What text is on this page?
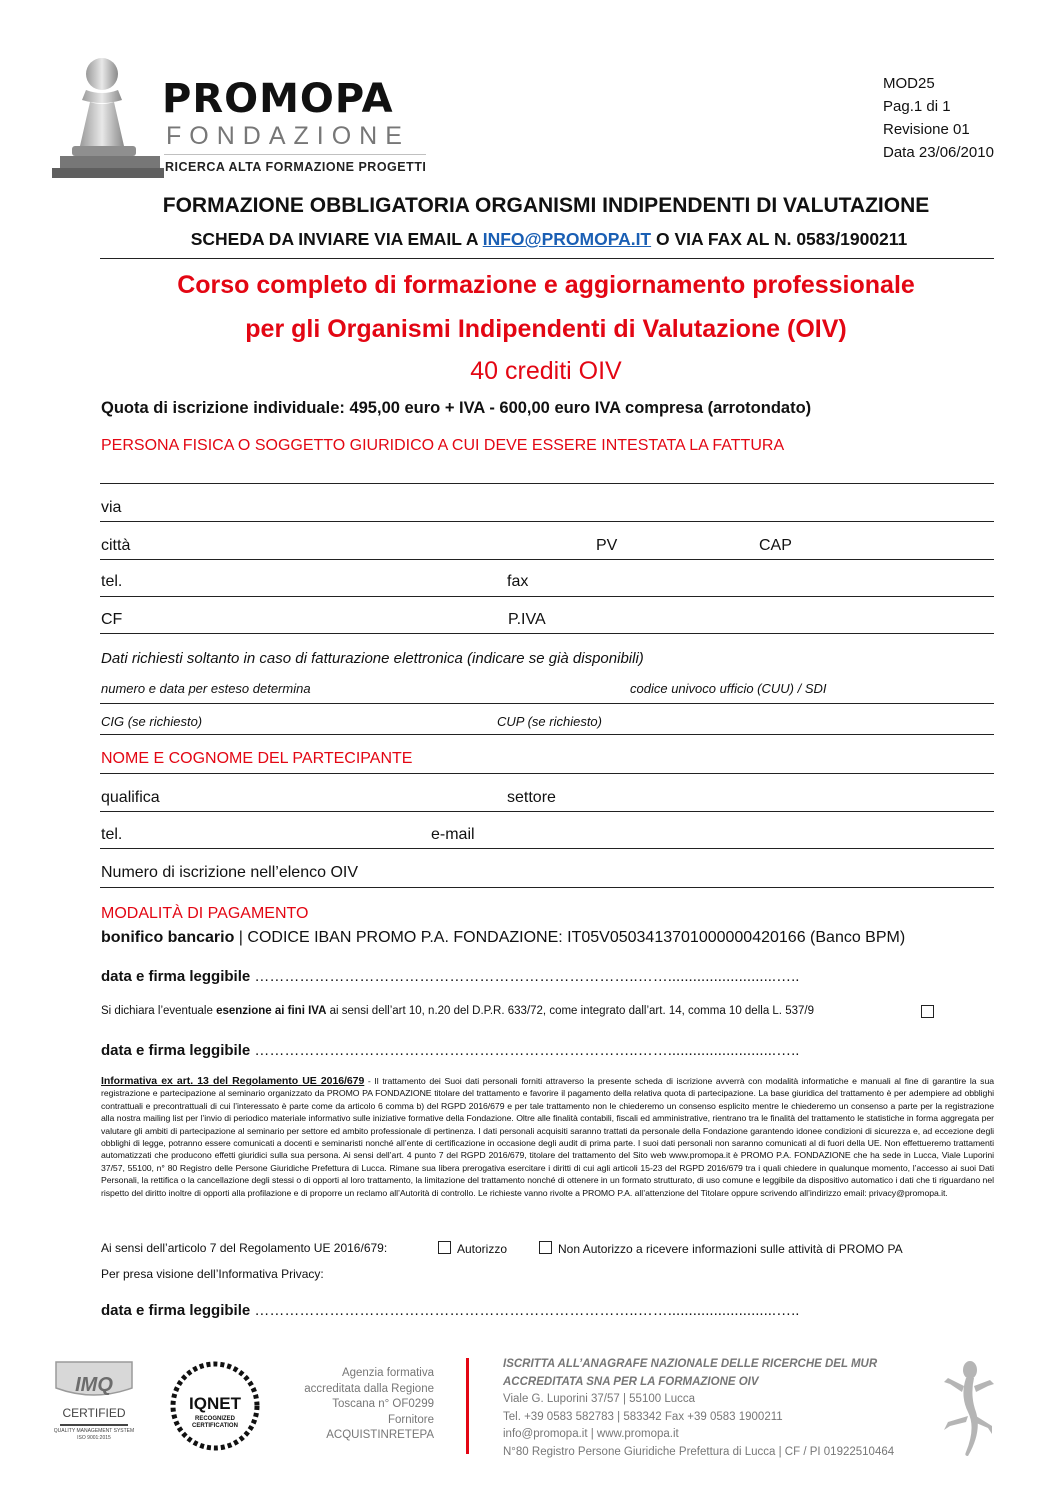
PROMOPA
FONDAZIONE
RICERCA ALTA FORMAZIONE PROGETTI
MOD25
Pag.1 di 1
Revisione 01
Data 23/06/2010
FORMAZIONE OBBLIGATORIA ORGANISMI INDIPENDENTI DI VALUTAZIONE
SCHEDA DA INVIARE VIA EMAIL A INFO@PROMOPA.IT O VIA FAX AL N. 0583/1900211
Corso completo di formazione e aggiornamento professionale
per gli Organismi Indipendenti di Valutazione (OIV)
40 crediti OIV
Quota di iscrizione individuale: 495,00 euro + IVA - 600,00 euro IVA compresa (arrotondato)
PERSONA FISICA O SOGGETTO GIURIDICO A CUI DEVE ESSERE INTESTATA LA FATTURA
via
città	PV	CAP
tel.	fax
CF	P.IVA
Dati richiesti soltanto in caso di fatturazione elettronica (indicare se già disponibili)
numero e data per esteso determina	codice univoco ufficio (CUU) / SDI
CIG (se richiesto)	CUP (se richiesto)
NOME E COGNOME DEL PARTECIPANTE
qualifica	settore
tel.	e-mail
Numero di iscrizione nell’elenco OIV
MODALITÀ DI PAGAMENTO
bonifico bancario | CODICE IBAN PROMO P.A. FONDAZIONE: IT05V0503413701000000420166 (Banco BPM)
data e firma leggibile …………………………………………………………………..……..........................…..
Si dichiara l’eventuale esenzione ai fini IVA ai sensi dell’art 10, n.20 del D.P.R. 633/72, come integrato dall’art. 14, comma 10 della L. 537/9
data e firma leggibile …………………………………………………………………..……..........................…..
Informativa ex art. 13 del Regolamento UE 2016/679 - Il trattamento dei Suoi dati personali forniti attraverso la presente scheda di iscrizione avverrà con modalità informatiche e manuali al fine di garantire la sua registrazione e partecipazione al seminario organizzato da PROMO PA FONDAZIONE titolare del trattamento e favorire il pagamento della relativa quota di partecipazione. La base giuridica del trattamento è per adempiere ad obblighi contrattuali e precontrattuali di cui l’interessato è parte come da articolo 6 comma b) del RGPD 2016/679 e per tale trattamento non le chiederemo un consenso esplicito mentre le chiederemo un consenso a parte per la registrazione alla nostra mailing list per l’invio di periodico materiale informativo sulle iniziative formative della Fondazione. Oltre alle finalità contabili, fiscali ed amministrative, rientrano tra le finalità del trattamento le statistiche in forma aggregata per valutare gli ambiti di partecipazione al seminario per settore ed ambito professionale di pertinenza. I dati personali acquisiti saranno trattati da personale della Fondazione garantendo idonee condizioni di sicurezza e, ad eccezione degli obblighi di legge, potranno essere comunicati a docenti e seminaristi nonché all’ente di certificazione in occasione degli audit di prima parte. I suoi dati personali non saranno comunicati al di fuori della UE. Non effettueremo trattamenti automatizzati che producono effetti giuridici sulla sua persona. Ai sensi dell’art. 4 punto 7 del RGPD 2016/679, titolare del trattamento del Sito web www.promopa.it è PROMO P.A. FONDAZIONE che ha sede in Lucca, Viale Luporini 37/57, 55100, n° 80 Registro delle Persone Giuridiche Prefettura di Lucca. Rimane sua libera prerogativa esercitare i diritti di cui agli articoli 15-23 del RGPD 2016/679 tra i quali chiedere in qualunque momento, l’accesso ai suoi Dati Personali, la rettifica o la cancellazione degli stessi o di opporti al loro trattamento, la limitazione del trattamento nonché di ottenere in un formato strutturato, di uso comune e leggibile da dispositivo automatico i dati che ti riguardano nel rispetto del diritto inoltre di opporti alla profilazione e di proporre un reclamo all’Autorità di controllo. Le richieste vanno rivolte a PROMO P.A. all’attenzione del Titolare oppure scrivendo all’indirizzo email: privacy@promopa.it.
Ai sensi dell’articolo 7 del Regolamento UE 2016/679:	Autorizzo	Non Autorizzo a ricevere informazioni sulle attività di PROMO PA
Per presa visione dell’Informativa Privacy:
data e firma leggibile …………………………………………………………………..……..........................…..
IMQ
CERTIFIED
QUALITY MANAGEMENT SYSTEM
ISO 9001:2015
IQNET
RECOGNIZED
CERTIFICATION
Agenzia formativa
accreditata dalla Regione
Toscana n° OF0299
Fornitore
ACQUISTINRETEPA
ISCRITTA ALL’ANAGRAFE NAZIONALE DELLE RICERCHE DEL MUR
ACCREDITATA SNA PER LA FORMAZIONE OIV
Viale G. Luporini 37/57 | 55100 Lucca
Tel. +39 0583 582783 | 583342 Fax +39 0583 1900211
info@promopa.it | www.promopa.it
N°80 Registro Persone Giuridiche Prefettura di Lucca | CF / PI 01922510464
